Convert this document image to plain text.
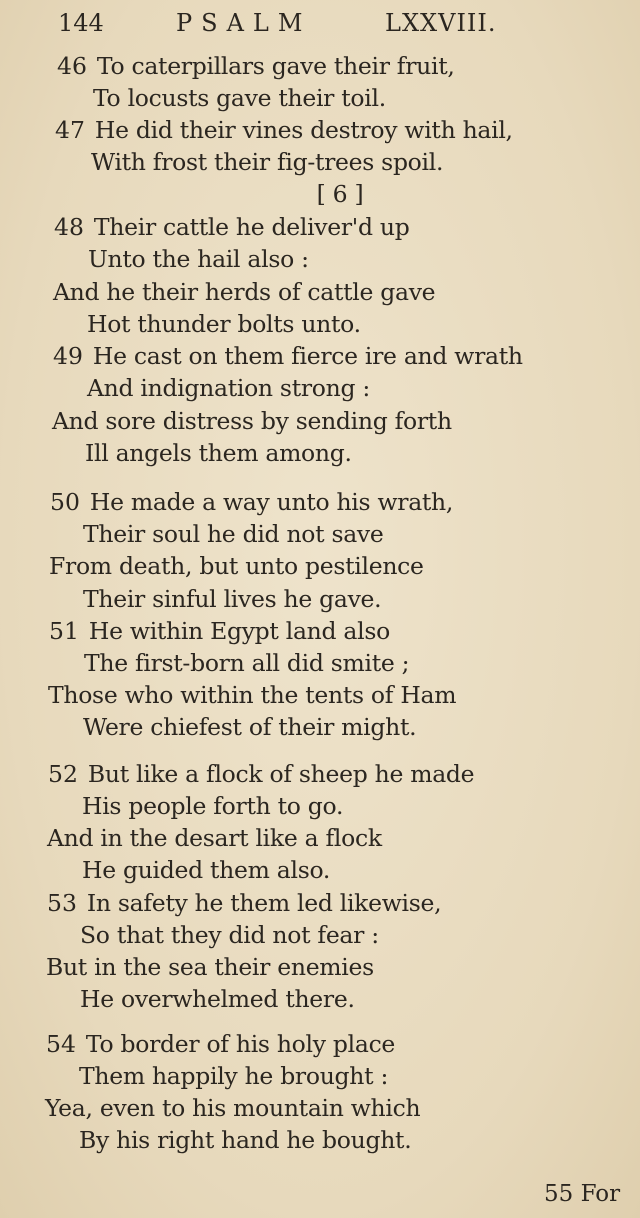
144	PSALM	LXXVIII.
46 To caterpillars gave their fruit,
To locusts gave their toil.
47 He did their vines destroy with hail,
With frost their fig-trees spoil.
[ 6 ]
48 Their cattle he deliver'd up
Unto the hail also :
And he their herds of cattle gave
Hot thunder bolts unto.
49 He cast on them fierce ire and wrath
And indignation strong :
And sore distress by sending forth
Ill angels them among.
50 He made a way unto his wrath,
Their soul he did not save
From death, but unto pestilence
Their sinful lives he gave.
51 He within Egypt land also
The first-born all did smite ;
Those who within the tents of Ham
Were chiefest of their might.
52 But like a flock of sheep he made
His people forth to go.
And in the desart like a flock
He guided them also.
53 In safety he them led likewise,
So that they did not fear :
But in the sea their enemies
He overwhelmed there.
54 To border of his holy place
Them happily he brought :
Yea, even to his mountain which
By his right hand he bought.
55 For
